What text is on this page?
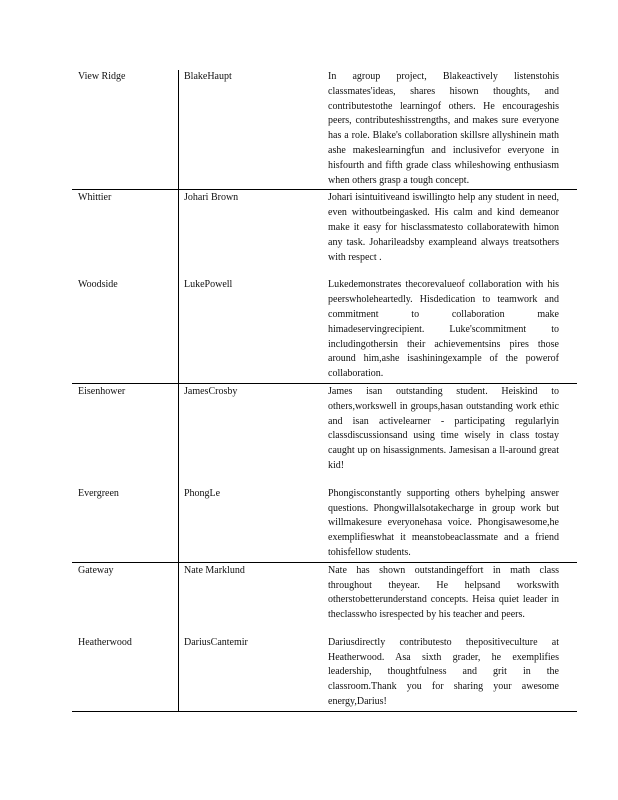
View Ridge	BlakeHaupt	In agroup project, Blakeactively listenstohis classmates'ideas, shares hisown thoughts, and contributestothe learningof others. He encourageshis peers, contributeshisstrengths, and makes sure everyone has a role. Blake's collaboration skillsre allyshinein math ashe makeslearningfun and inclusivefor everyone in hisfourth and fifth grade class whileshowing enthusiasm when others grasp a tough concept.
Whittier	Johari Brown	Johari isintuitiveand iswillingto help any student in need, even withoutbeingasked. His calm and kind demeanor make it easy for hisclassmatesto collaboratewith himon any task. Joharileadsby exampleand always treatsothers with respect .
Woodside	LukePowell	Lukedemonstrates thecorevalueof collaboration with his peerswholeheartedly. Hisdedication to teamwork and commitment to collaboration make himadeservingrecipient. Luke'scommitment to includingothersin their achievementsins pires those around him,ashe isashiningexample of the powerof collaboration.
Eisenhower	JamesCrosby	James isan outstanding student. Heiskind to others,workswell in groups,hasan outstanding work ethic and isan activelearner - participating regularlyin classdiscussionsand using time wisely in class tostay caught up on hisassignments. Jamesisan a ll-around great kid!
Evergreen	PhongLe	Phongisconstantly supporting others byhelping answer questions. Phongwillalsotakecharge in group work but willmakesure everyonehasa voice. Phongisawesome,he exemplifieswhat it meanstobeaclassmate and a friend tohisfellow students.
Gateway	Nate Marklund	Nate has shown outstandingeffort in math class throughout theyear. He helpsand workswith otherstobetterunderstand concepts. Heisa quiet leader in theclasswho isrespected by his teacher and peers.
Heatherwood	DariusCantemir	Dariusdirectly contributesto thepositiveculture at Heatherwood. Asa sixth grader, he exemplifies leadership, thoughtfulness and grit in the classroom.Thank you for sharing your awesome energy,Darius!
